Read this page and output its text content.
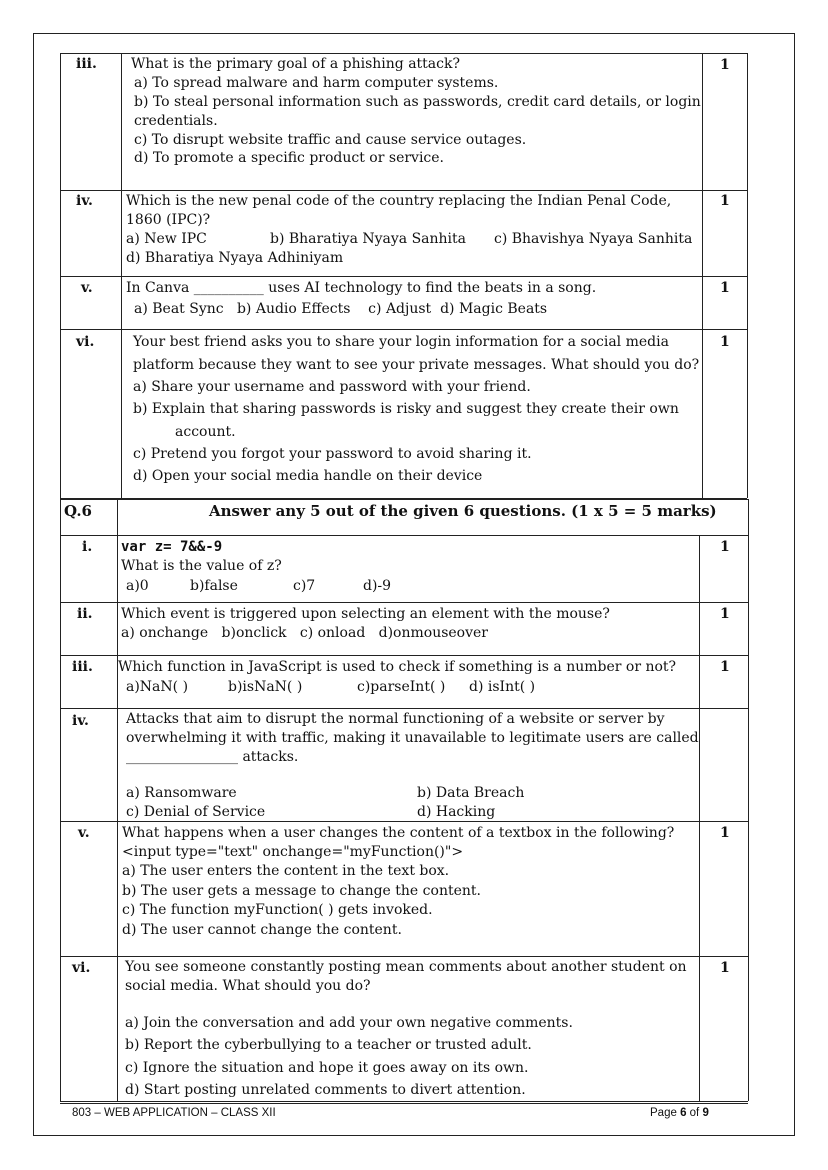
iii. What is the primary goal of a phishing attack?
a) To spread malware and harm computer systems.
b) To steal personal information such as passwords, credit card details, or login
credentials.
c) To disrupt website traffic and cause service outages.
d) To promote a specific product or service.
1
iv. Which is the new penal code of the country replacing the Indian Penal Code,
1860 (IPC)?
a) New IPC	b) Bharatiya Nyaya Sanhita c) Bhavishya Nyaya Sanhita
d) Bharatiya Nyaya Adhiniyam
1
v. In Canva __________ uses AI technology to find the beats in a song.
a) Beat Sync   b) Audio Effects    c) Adjust  d) Magic Beats
1
vi.	Your best friend asks you to share your login information for a social media
platform because they want to see your private messages. What should you do?
a) Share your username and password with your friend.
b) Explain that sharing passwords is risky and suggest they create their own
account.
c) Pretend you forgot your password to avoid sharing it.
d) Open your social media handle on their device
1
Q.6	Answer any 5 out of the given 6 questions. (1 x 5 = 5 marks)
i. var z= 7&&-9
What is the value of z?
a)0	b)false	c)7	d)-9
1
ii. Which event is triggered upon selecting an element with the mouse?
a) onchange   b)onclick   c) onload   d)onmouseover
1
iii. Which function in JavaScript is used to check if something is a number or not?
a)NaN( )	b)isNaN( )	c)parseInt( ) d) isInt( )
1
iv.	Attacks that aim to disrupt the normal functioning of a website or server by
overwhelming it with traffic, making it unavailable to legitimate users are called
________________ attacks.
a) Ransomware	b) Data Breach
c) Denial of Service	d) Hacking
v. What happens when a user changes the content of a textbox in the following?
<input type="text" onchange="myFunction()">
a) The user enters the content in the text box.
b) The user gets a message to change the content.
c) The function myFunction( ) gets invoked.
d) The user cannot change the content.
1
vi. You see someone constantly posting mean comments about another student on
social media. What should you do?
a) Join the conversation and add your own negative comments.
b) Report the cyberbullying to a teacher or trusted adult.
c) Ignore the situation and hope it goes away on its own.
d) Start posting unrelated comments to divert attention.
1
803 – WEB APPLICATION – CLASS XII	Page 6 of 9
